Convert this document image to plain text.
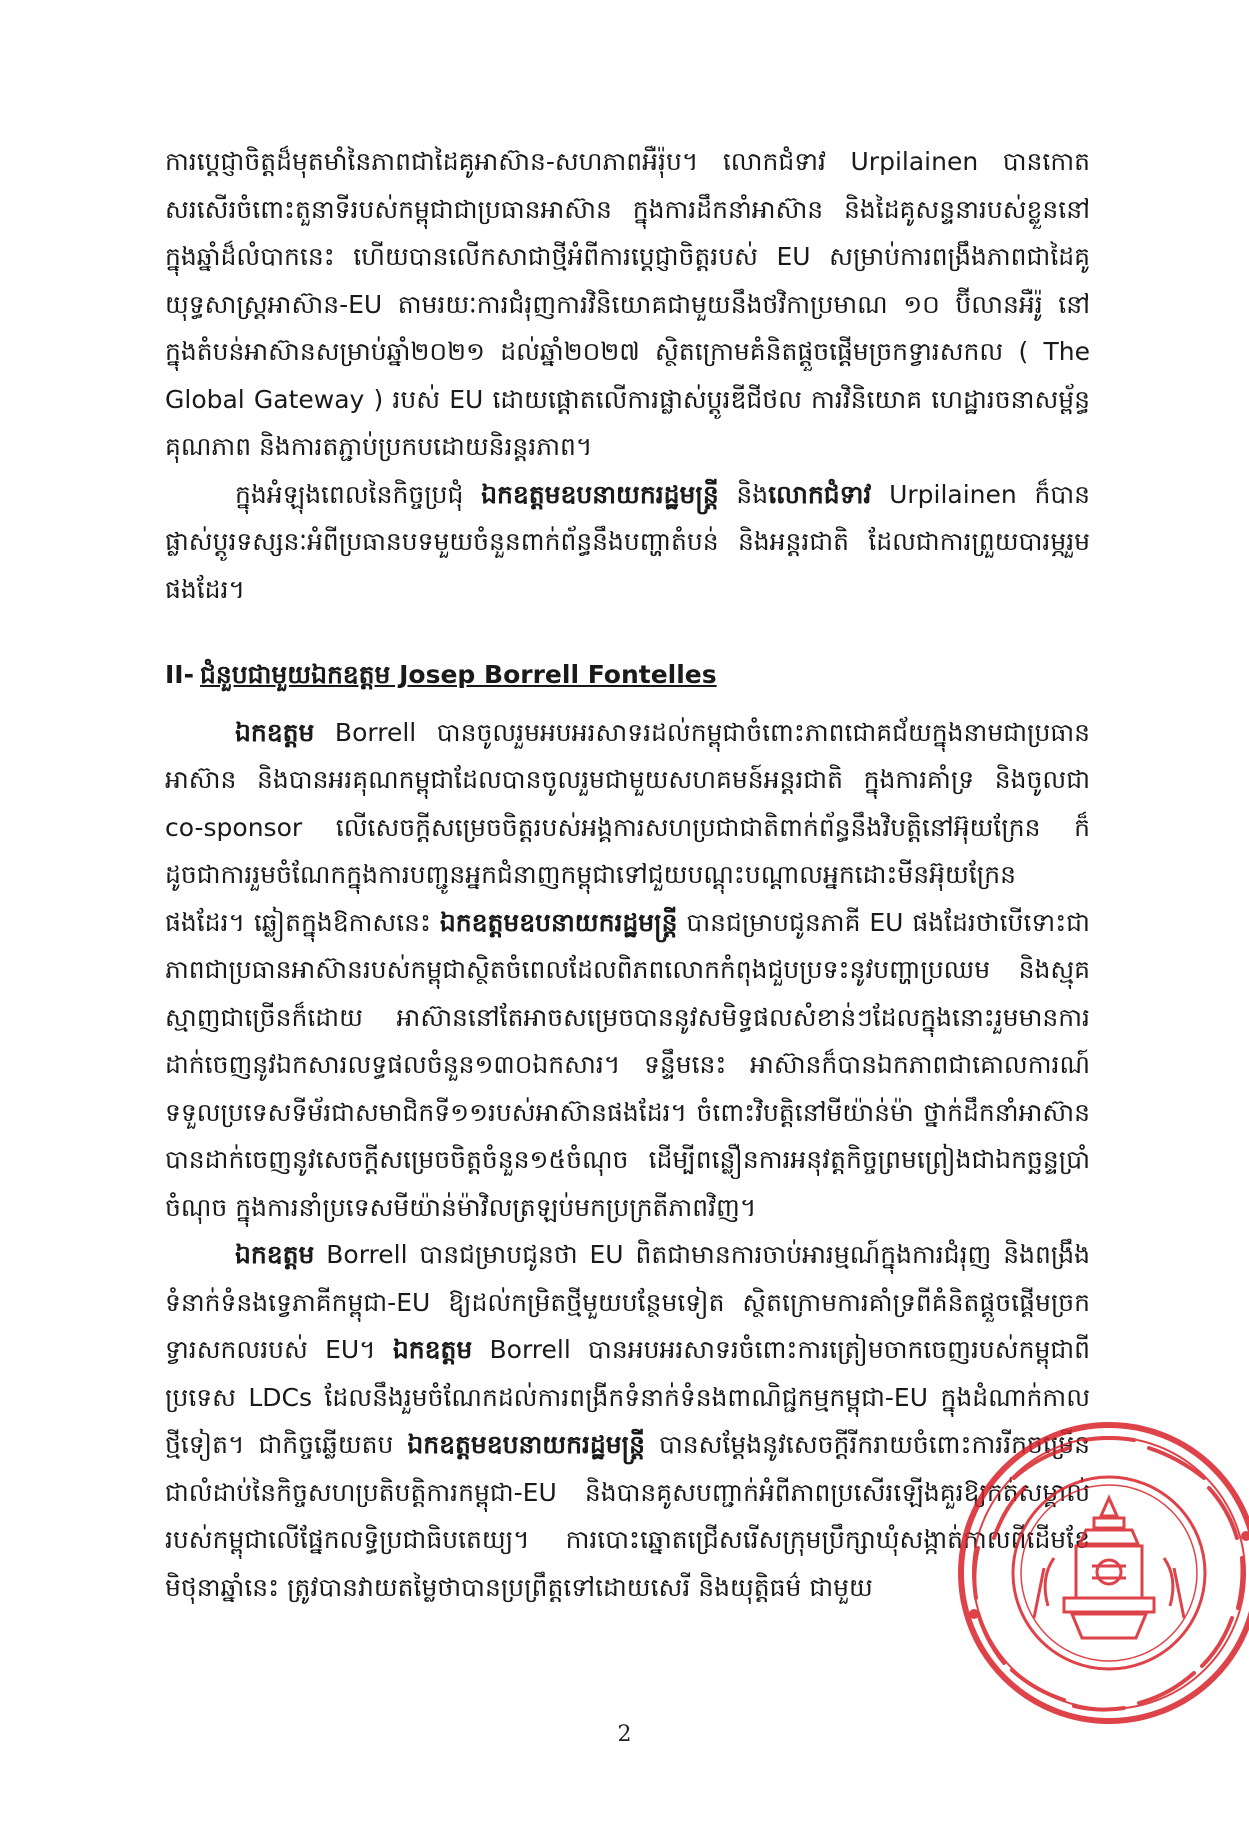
ការប្តេជ្ញាចិត្តដ៏មុតមាំនៃភាពជាដៃគូអាស៊ាន-សហភាពអឺរ៉ុប។ លោកជំទាវ Urpilainen បានកោតសរសើរចំពោះតួនាទីរបស់កម្ពុជាជាប្រធានអាស៊ាន ក្នុងការដឹកនាំអាស៊ាន និងដៃគូសន្ទនារបស់ខ្លួននៅក្នុងឆ្នាំដ៏លំបាកនេះ ហើយបានលើកសាជាថ្មីអំពីការប្តេជ្ញាចិត្តរបស់ EU សម្រាប់ការពង្រឹងភាពជាដៃគូយុទ្ធសាស្ត្រអាស៊ាន-EU តាមរយៈការជំរុញការវិនិយោគជាមួយនឹងថវិកាប្រមាណ ១០ ប៊ីលានអឺរ៉ូ នៅក្នុងតំបន់អាស៊ានសម្រាប់ឆ្នាំ២០២១ ដល់ឆ្នាំ២០២៧ ស្ថិតក្រោមគំនិតផ្តួចផ្តើមច្រកទ្វារសកល ( The Global Gateway ) របស់ EU ដោយផ្តោតលើការផ្លាស់ប្តូរឌីជីថល ការវិនិយោគ ហេដ្ឋារចនាសម្ព័ន្ធគុណភាព និងការតភ្ជាប់ប្រកបដោយនិរន្តរភាព។

ក្នុងអំឡុងពេលនៃកិច្ចប្រជុំ ឯកឧត្តមឧបនាយករដ្ឋមន្ត្រី និងលោកជំទាវ Urpilainen ក៏បានផ្លាស់ប្តូរទស្សនៈអំពីប្រធានបទមួយចំនួនពាក់ព័ន្ធនឹងបញ្ហាតំបន់ និងអន្តរជាតិ ដែលជាការព្រួយបារម្ភរួមផងដែរ។

II- ជំនួបជាមួយឯកឧត្តម Josep Borrell Fontelles

ឯកឧត្តម Borrell បានចូលរួមអបអរសាទរដល់កម្ពុជាចំពោះភាពជោគជ័យក្នុងនាមជាប្រធានអាស៊ាន និងបានអរគុណកម្ពុជាដែលបានចូលរួមជាមួយសហគមន៍អន្តរជាតិ ក្នុងការគាំទ្រ និងចូលជា co-sponsor លើសេចក្តីសម្រេចចិត្តរបស់អង្គការសហប្រជាជាតិពាក់ព័ន្ធនឹងវិបត្តិនៅអ៊ុយក្រែន ក៏ដូចជាការរួមចំណែកក្នុងការបញ្ជូនអ្នកជំនាញកម្ពុជាទៅជួយបណ្តុះបណ្តាលអ្នកដោះមីនអ៊ុយក្រែនផងដែរ។ ឆ្លៀតក្នុងឱកាសនេះ ឯកឧត្តមឧបនាយករដ្ឋមន្ត្រី បានជម្រាបជូនភាគី EU ផងដែរថាបើទោះជាភាពជាប្រធានអាស៊ានរបស់កម្ពុជាស្ថិតចំពេលដែលពិភពលោកកំពុងជួបប្រទះនូវបញ្ហាប្រឈម និងស្មុគស្មាញជាច្រើនក៏ដោយ អាស៊ាននៅតែអាចសម្រេចបាននូវសមិទ្ធផលសំខាន់ៗដែលក្នុងនោះរួមមានការដាក់ចេញនូវឯកសារលទ្ធផលចំនួន១៣០ឯកសារ។ ទន្ទឹមនេះ អាស៊ានក៏បានឯកភាពជាគោលការណ៍ទទួលប្រទេសទីម័រជាសមាជិកទី១១របស់អាស៊ានផងដែរ។ ចំពោះវិបត្តិនៅមីយ៉ាន់ម៉ា ថ្នាក់ដឹកនាំអាស៊ានបានដាក់ចេញនូវសេចក្តីសម្រេចចិត្តចំនួន១៥ចំណុច ដើម្បីពន្លឿនការអនុវត្តកិច្ចព្រមព្រៀងជាឯកច្ឆន្ទប្រាំចំណុច ក្នុងការនាំប្រទេសមីយ៉ាន់ម៉ាវិលត្រឡប់មកប្រក្រតីភាពវិញ។

ឯកឧត្តម Borrell បានជម្រាបជូនថា EU ពិតជាមានការចាប់អារម្មណ៍ក្នុងការជំរុញ និងពង្រឹងទំនាក់ទំនងទ្វេភាគីកម្ពុជា-EU ឱ្យដល់កម្រិតថ្មីមួយបន្ថែមទៀត ស្ថិតក្រោមការគាំទ្រពីគំនិតផ្តួចផ្តើមច្រកទ្វារសកលរបស់ EU។ ឯកឧត្តម Borrell បានអបអរសាទរចំពោះការត្រៀមចាកចេញរបស់កម្ពុជាពីប្រទេស LDCs ដែលនឹងរួមចំណែកដល់ការពង្រីកទំនាក់ទំនងពាណិជ្ជកម្មកម្ពុជា-EU ក្នុងដំណាក់កាលថ្មីទៀត។ ជាកិច្ចឆ្លើយតប ឯកឧត្តមឧបនាយករដ្ឋមន្ត្រី បានសម្តែងនូវសេចក្តីរីករាយចំពោះការរីកចម្រើនជាលំដាប់នៃកិច្ចសហប្រតិបត្តិការកម្ពុជា-EU និងបានគូសបញ្ជាក់អំពីភាពប្រសើរឡើងគួរឱ្យកត់សម្គាល់របស់កម្ពុជាលើផ្នែកលទ្ធិប្រជាធិបតេយ្យ។ ការបោះឆ្នោតជ្រើសរើសក្រុមប្រឹក្សាឃុំសង្កាត់កាលពីដើមខែមិថុនាឆ្នាំនេះ ត្រូវបានវាយតម្លៃថាបានប្រព្រឹត្តទៅដោយសេរី និងយុត្តិធម៌ ជាមួយ

2
